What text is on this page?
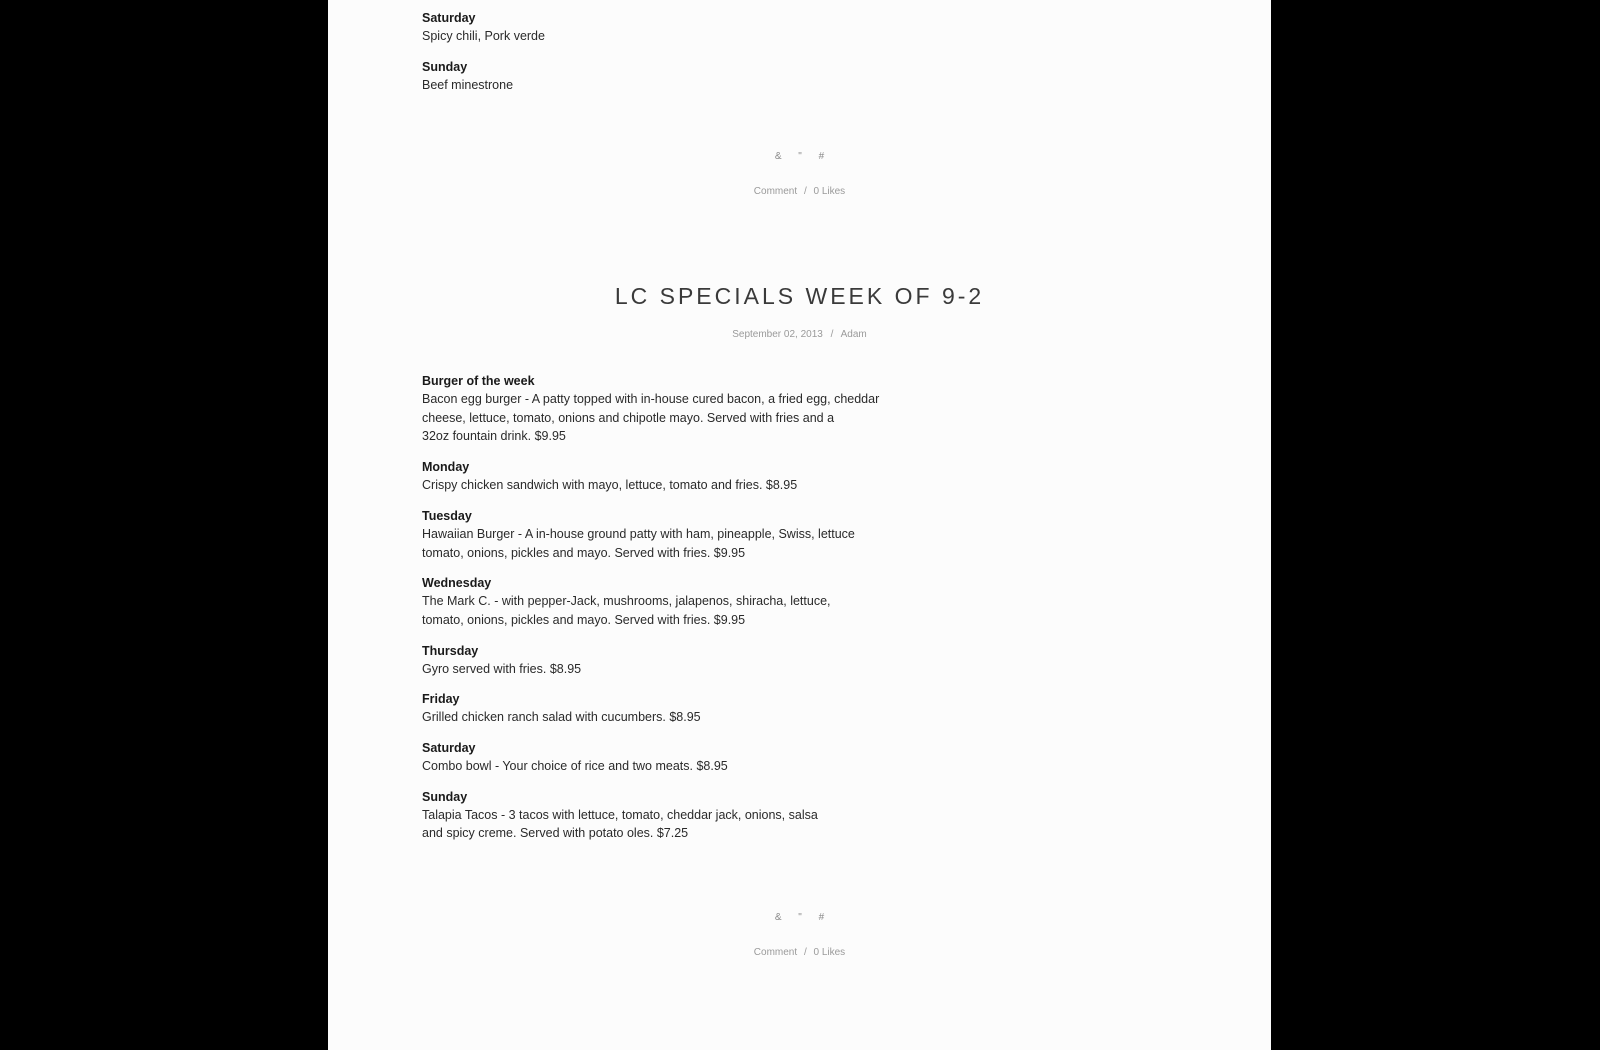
Saturday
Spicy chili, Pork verde
Sunday
Beef minestrone
& " #
Comment / 0 Likes
LC SPECIALS WEEK OF 9-2
September 02, 2013 / Adam
Burger of the week
Bacon egg burger - A patty topped with in-house cured bacon, a fried egg, cheddar
cheese, lettuce, tomato, onions and chipotle mayo. Served with fries and a
32oz fountain drink. $9.95
Monday
Crispy chicken sandwich with mayo, lettuce, tomato and fries. $8.95
Tuesday
Hawaiian Burger - A in-house ground patty with ham, pineapple, Swiss, lettuce
tomato, onions, pickles and mayo. Served with fries. $9.95
Wednesday
The Mark C. - with pepper-Jack, mushrooms, jalapenos, shiracha, lettuce,
tomato, onions, pickles and mayo. Served with fries. $9.95
Thursday
Gyro served with fries. $8.95
Friday
Grilled chicken ranch salad with cucumbers. $8.95
Saturday
Combo bowl - Your choice of rice and two meats. $8.95
Sunday
Talapia Tacos - 3 tacos with lettuce, tomato, cheddar jack, onions, salsa
and spicy creme. Served with potato oles. $7.25
& " #
Comment / 0 Likes
